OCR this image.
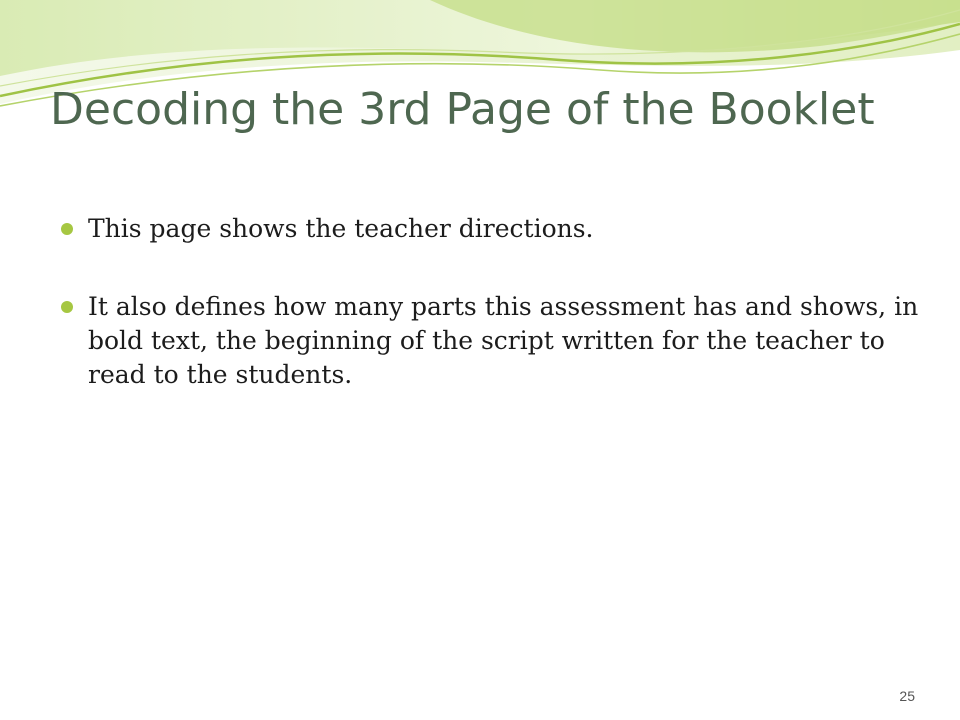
Decoding the 3rd Page of the Booklet
This page shows the teacher directions.
It also defines how many parts this assessment has and shows, in bold text, the beginning of the script written for the teacher to read to the students.
25
